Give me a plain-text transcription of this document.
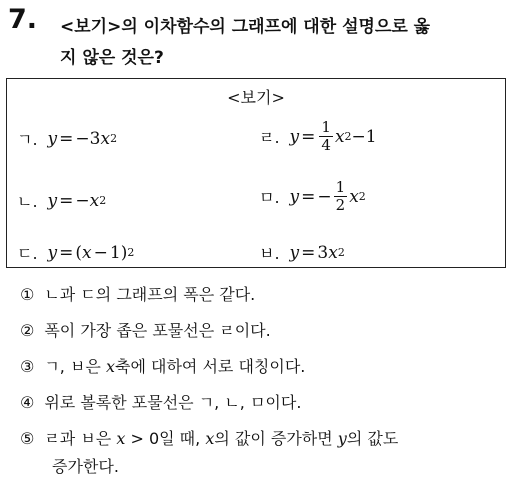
7. <보기>의 이차함수의 그래프에 대한 설명으로 옳
지 않은 것은?
<보기>
ㄱ. y = −3 x 2
ㄴ. y = − x 2
ㄷ. y = ( x − 1 ) 2
ㄹ. $y = \frac{1}{4}$ x 2 −1
ㅁ. y = − $\frac{1}{2}$ x 2
ㅂ. y = 3 x 2
① ㄴ과 ㄷ의 그래프의 폭은 같다.
② 폭이 가장 좁은 포물선은 ㄹ이다.
③ ㄱ, ㅂ은 x축에 대하여 서로 대칭이다.
④ 위로 볼록한 포물선은 ㄱ, ㄴ, ㅁ이다.
⑤ ㄹ과 ㅂ은 x > 0일 때, x의 값이 증가하면 y의 값도
증가한다.
